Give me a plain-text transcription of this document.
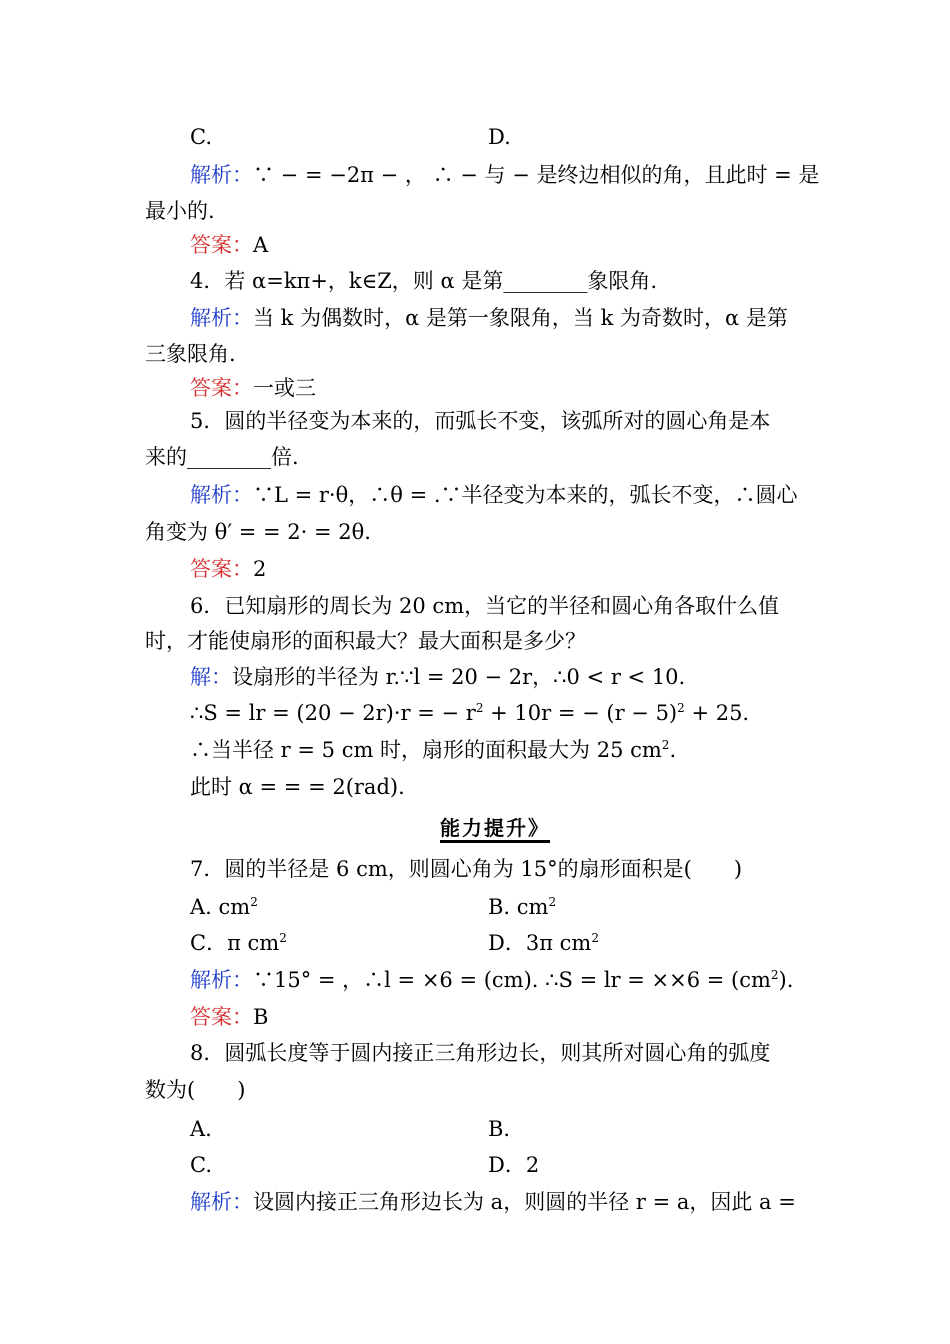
C.	D.
解析：∵ − = −2π − ， ∴ − 与 − 是终边相似的角，且此时 = 是
最小的.
答案：A
4．若 α=kπ+，k∈Z，则 α 是第________象限角.
解析：当 k 为偶数时，α 是第一象限角，当 k 为奇数时，α 是第
三象限角.
答案：一或三
5．圆的半径变为本来的，而弧长不变，该弧所对的圆心角是本
来的________倍.
解析：∵L = r·θ，∴θ = .∵半径变为本来的，弧长不变，∴圆心
角变为 θ′ = = 2· = 2θ.
答案：2
6．已知扇形的周长为 20 cm，当它的半径和圆心角各取什么值
时，才能使扇形的面积最大？最大面积是多少？
解：设扇形的半径为 r.∵l = 20 − 2r，∴0 < r < 10.
∴S = lr = (20 − 2r)·r = − $r^2 + 10r$ = − $(r - 5)^2 + 25$.
∴当半径 r = 5 cm 时，扇形的面积最大为 25 $cm^2$.
此时 α = = = 2(rad).
能力提升》
7．圆的半径是 6 cm，则圆心角为 15°的扇形面积是(　　)
A. $cm^2$	B. $cm^2$
C．π $cm^2$	D．3π $cm^2$
解析：∵15° = ，∴l = ×6 = (cm). ∴S = lr = $\times\times 6 = (cm^2)$.
答案：B
8．圆弧长度等于圆内接正三角形边长，则其所对圆心角的弧度
数为(　　)
A.	B.
C.	D．2
解析：设圆内接正三角形边长为 a，则圆的半径 r = a，因此 a =
